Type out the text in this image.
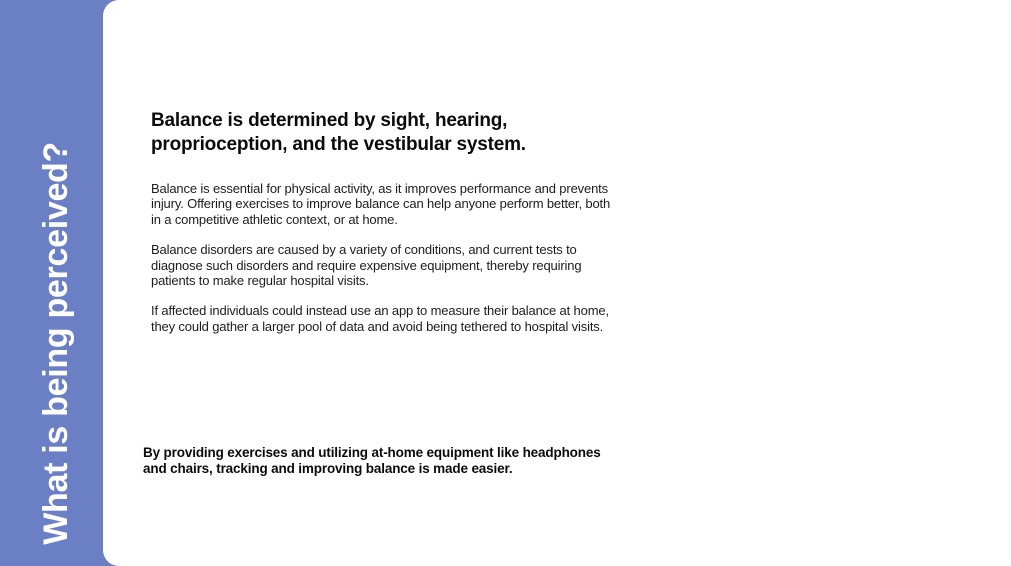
What is being perceived?
Balance is determined by sight, hearing, proprioception, and the vestibular system.

Balance is essential for physical activity, as it improves performance and prevents injury. Offering exercises to improve balance can help anyone perform better, both in a competitive athletic context, or at home.

Balance disorders are caused by a variety of conditions, and current tests to diagnose such disorders and require expensive equipment, thereby requiring patients to make regular hospital visits.

If affected individuals could instead use an app to measure their balance at home, they could gather a larger pool of data and avoid being tethered to hospital visits.

By providing exercises and utilizing at-home equipment like headphones and chairs, tracking and improving balance is made easier.
